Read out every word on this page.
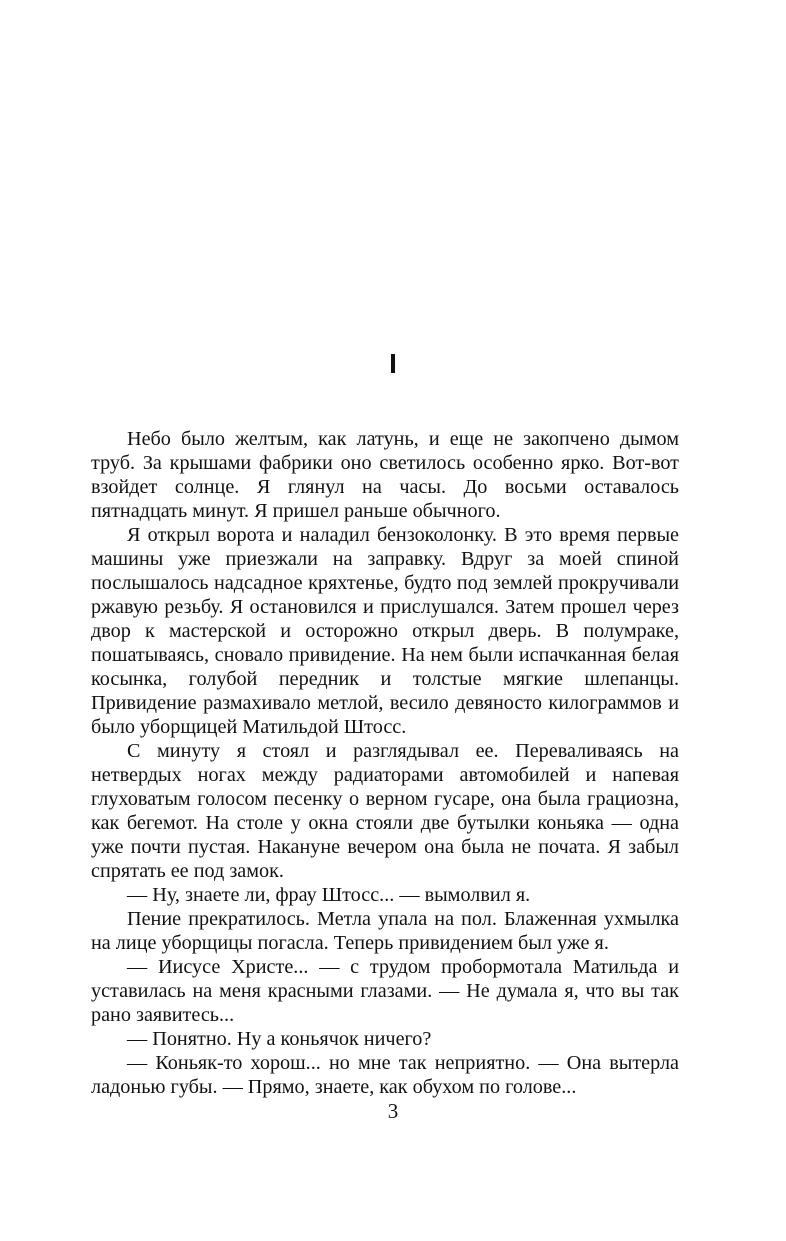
I

Небо было желтым, как латунь, и еще не закопчено дымом труб. За крышами фабрики оно светилось особенно ярко. Вот-вот взойдет солнце. Я глянул на часы. До восьми оставалось пятнадцать минут. Я пришел раньше обычного.

Я открыл ворота и наладил бензоколонку. В это время первые машины уже приезжали на заправку. Вдруг за моей спиной послышалось надсадное кряхтенье, будто под землей прокручивали ржавую резьбу. Я остановился и прислушался. Затем прошел через двор к мастерской и осторожно открыл дверь. В полумраке, пошатываясь, сновало привидение. На нем были испачканная белая косынка, голубой передник и толстые мягкие шлепанцы. Привидение размахивало метлой, весило девяносто килограммов и было уборщицей Матильдой Штосс.

С минуту я стоял и разглядывал ее. Переваливаясь на нетвердых ногах между радиаторами автомобилей и напевая глуховатым голосом песенку о верном гусаре, она была грациозна, как бегемот. На столе у окна стояли две бутылки коньяка — одна уже почти пустая. Накануне вечером она была не почата. Я забыл спрятать ее под замок.

— Ну, знаете ли, фрау Штосс... — вымолвил я.

Пение прекратилось. Метла упала на пол. Блаженная ухмылка на лице уборщицы погасла. Теперь привидением был уже я.

— Иисусе Христе... — с трудом пробормотала Матильда и уставилась на меня красными глазами. — Не думала я, что вы так рано заявитесь...

— Понятно. Ну а коньячок ничего?

— Коньяк-то хорош... но мне так неприятно. — Она вытерла ладонью губы. — Прямо, знаете, как обухом по голове...

3
